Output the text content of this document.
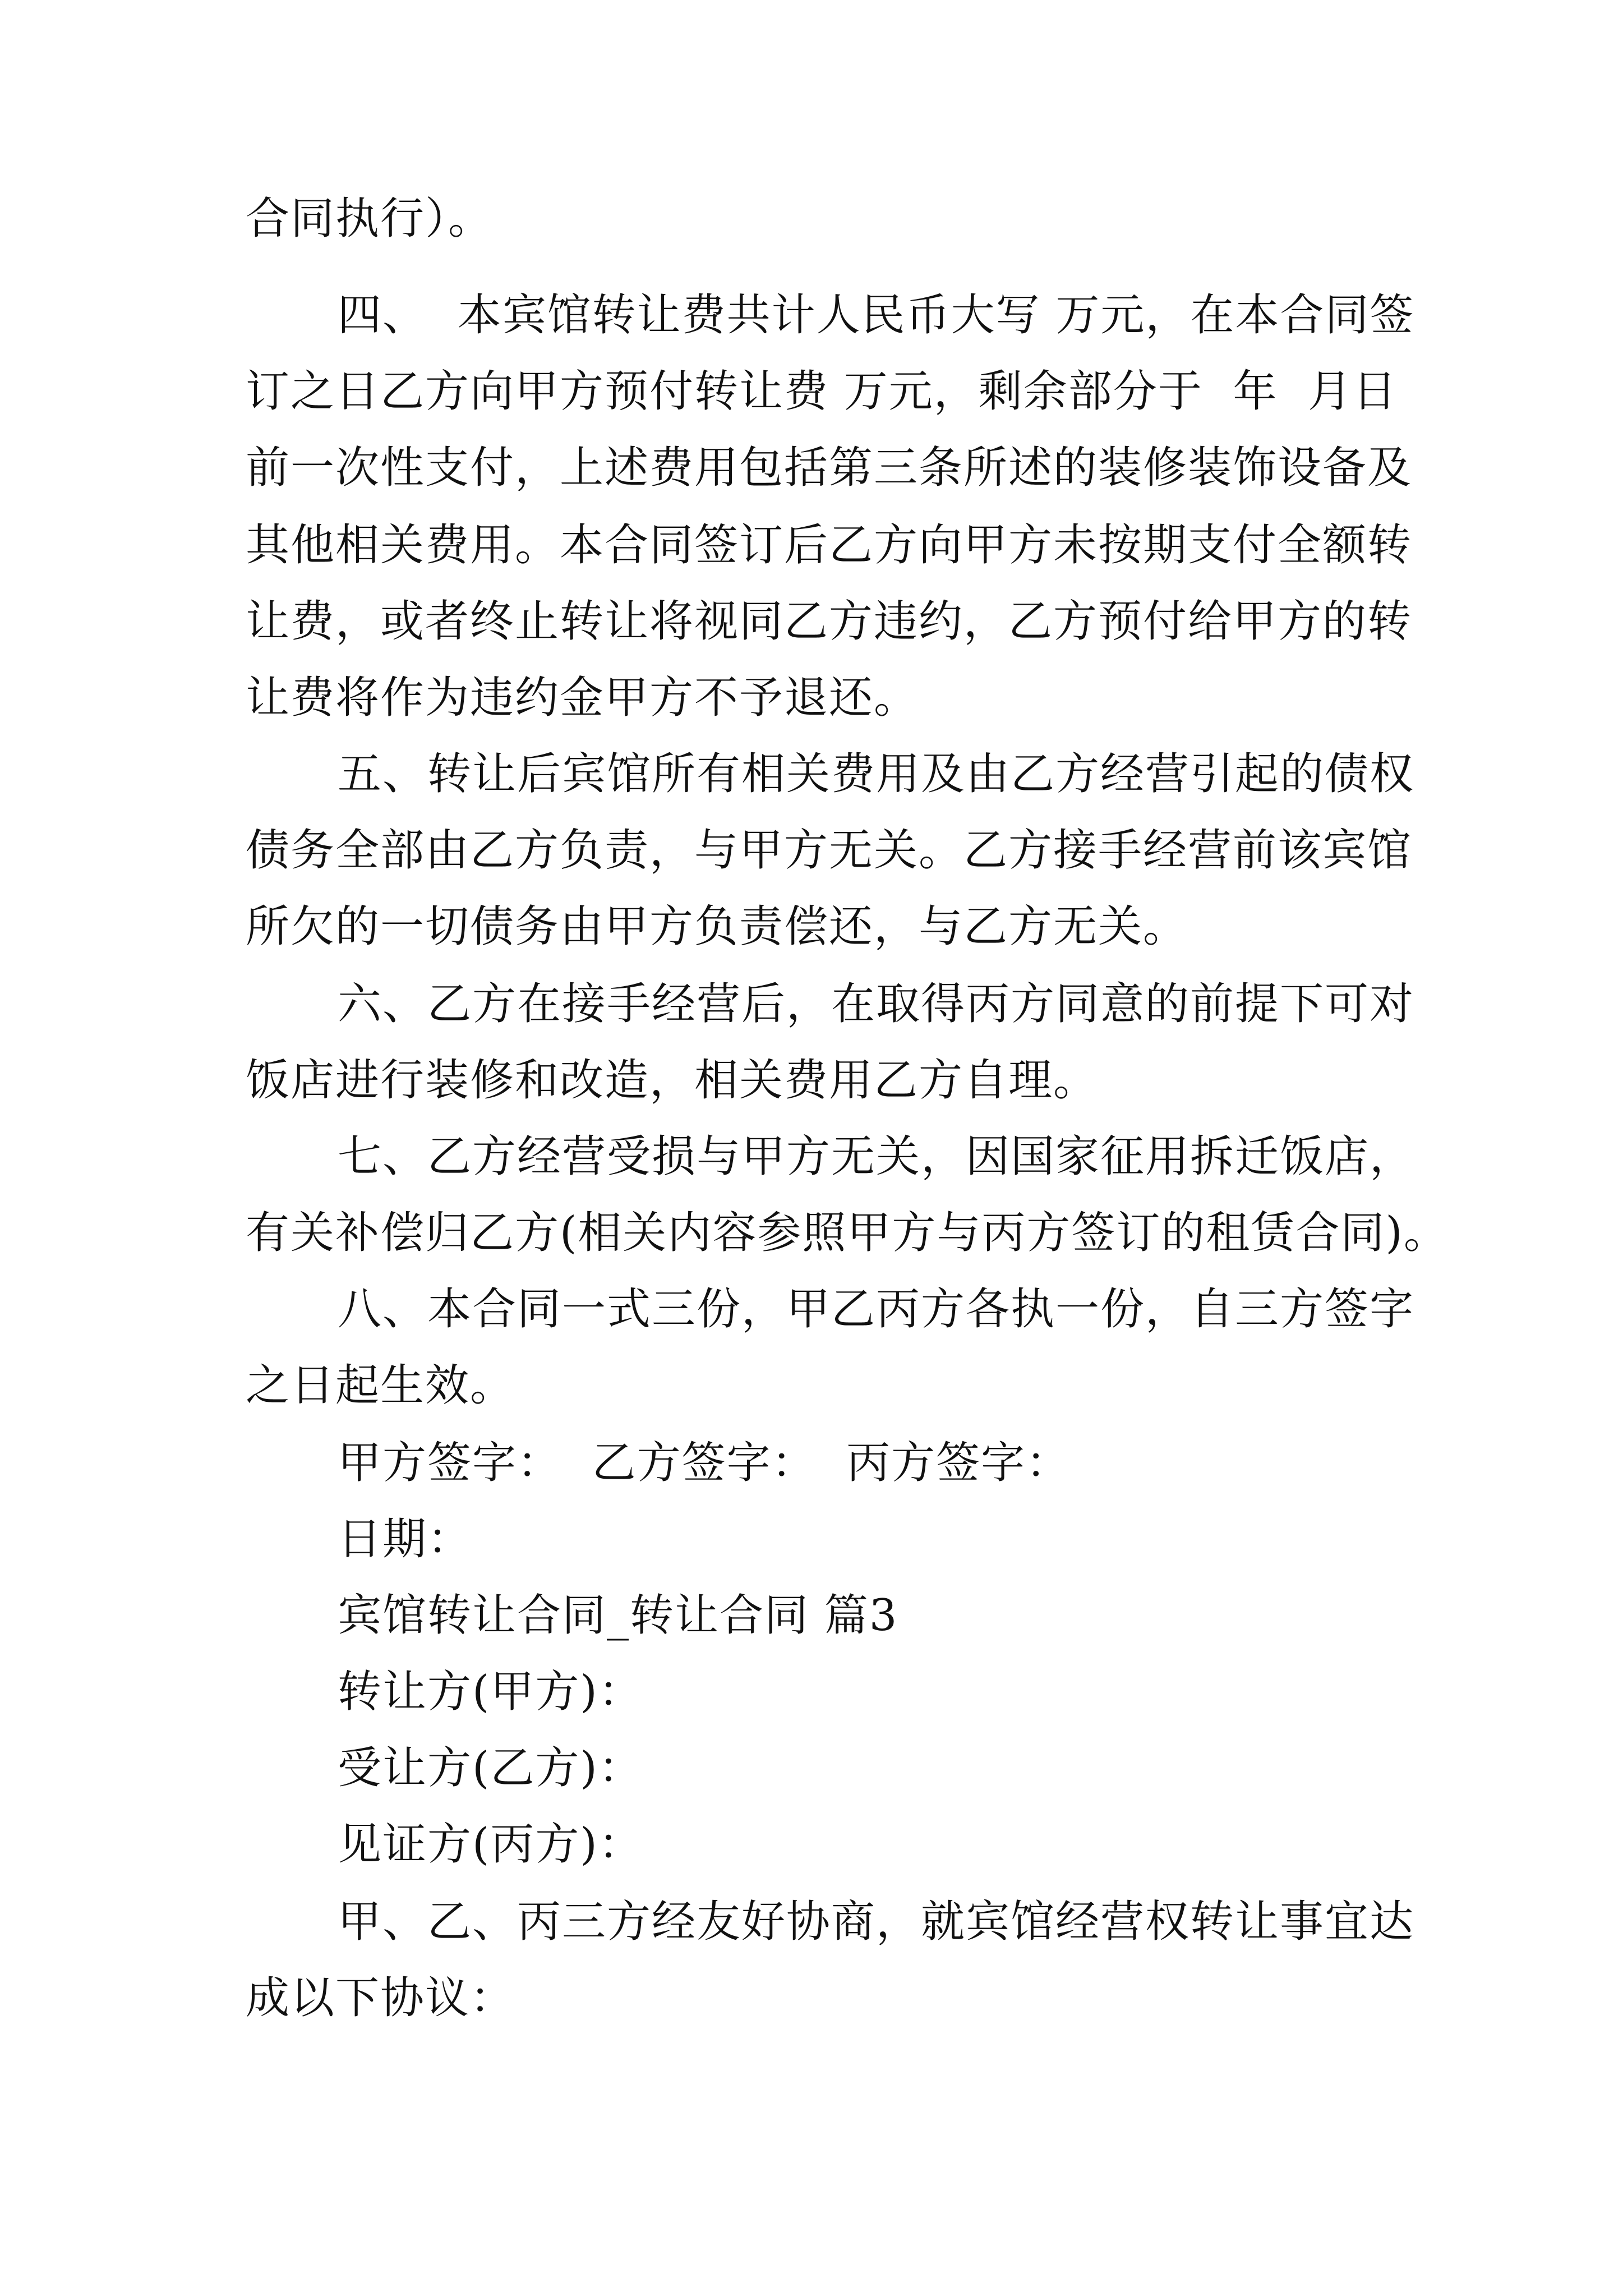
合同执行）。
四、  本宾馆转让费共计人民币大写 万元，在本合同签
订之日乙方向甲方预付转让费 万元，剩余部分于  年  月日
前一次性支付，上述费用包括第三条所述的装修装饰设备及
其他相关费用。本合同签订后乙方向甲方未按期支付全额转
让费，或者终止转让将视同乙方违约，乙方预付给甲方的转
让费将作为违约金甲方不予退还。
五、转让后宾馆所有相关费用及由乙方经营引起的债权
债务全部由乙方负责，与甲方无关。乙方接手经营前该宾馆
所欠的一切债务由甲方负责偿还，与乙方无关。
六、乙方在接手经营后，在取得丙方同意的前提下可对
饭店进行装修和改造，相关费用乙方自理。
七、乙方经营受损与甲方无关，因国家征用拆迁饭店，
有关补偿归乙方(相关内容参照甲方与丙方签订的租赁合同)。
八、本合同一式三份，甲乙丙方各执一份，自三方签字
之日起生效。
甲方签字：  乙方签字：  丙方签字：
日期：
宾馆转让合同_转让合同 篇3
转让方(甲方)：
受让方(乙方)：
见证方(丙方)：
甲、乙、丙三方经友好协商，就宾馆经营权转让事宜达
成以下协议：
